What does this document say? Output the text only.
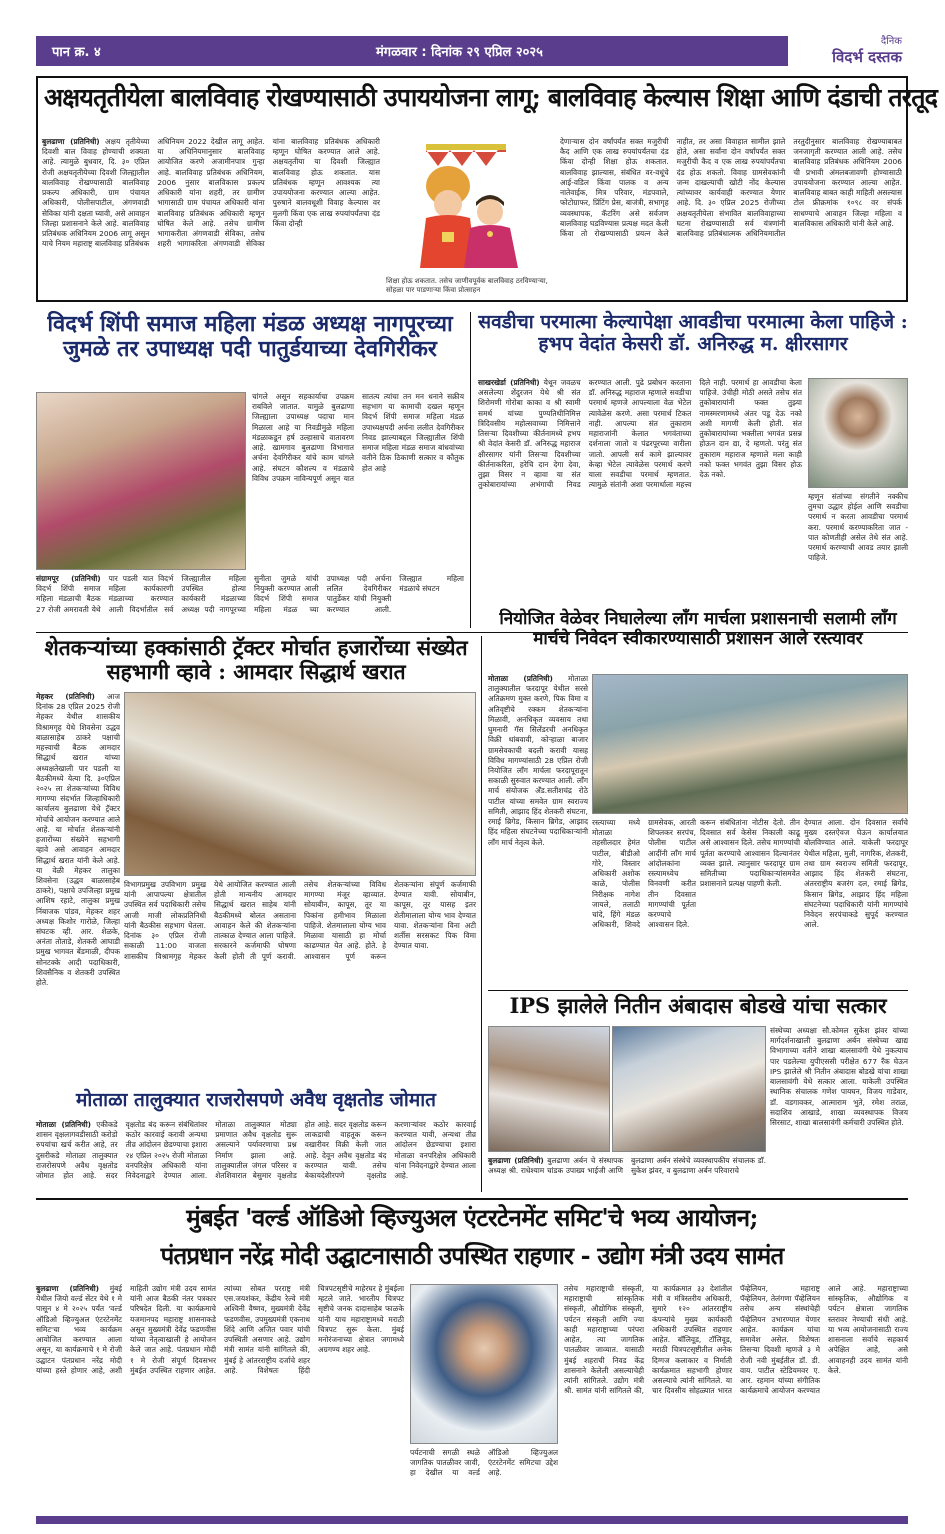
पान क्र. ४	मंगळवार : दिनांक २९ एप्रिल २०२५
दैनिक
विदर्भ दस्तक
अक्षयतृतीयेला बालविवाह रोखण्यासाठी उपाययोजना लागू; बालविवाह केल्यास शिक्षा आणि दंडाची तरतूद
बुलढाणा (प्रतिनिधी) अक्षय तृतीयेच्या दिवशी बाल विवाह होण्याची शक्यता आहे. त्यामुळे बुधवार, दि. ३० एप्रिल रोजी अक्षयतृतीयेच्या दिवशी जिल्ह्यातील बालविवाह रोखण्यासाठी बालविवाह प्रकल्प अधिकारी, ग्राम पंचायत अधिकारी, पोलीसपाटील, अंगणवाडी सेविका यांनी दक्षता घ्यावी, असे आवाहन जिल्हा प्रशासनाने केले आहे. बालविवाह प्रतिबंधक अधिनियम 2006 लागू असून याचे नियम महाराष्ट्र बालविवाह प्रतिबंधक अधिनियम 2022 देखील लागू आहेत. या अधिनियमानुसार बालविवाह आयोजित करणे अजामीनपात्र गुन्हा आहे. बालविवाह प्रतिबंधक अधिनियम, 2006 नुसार बालविकास प्रकल्प अधिकारी यांना शहरी, तर ग्रामीण भागासाठी ग्राम पंचायत अधिकारी यांना बालविवाह प्रतिबंधक अधिकारी म्हणून घोषित केले आहे. तसेच ग्रामीण भागाकरीता अंगणवाडी सेविका, तसेच शहरी भागाकरिता अंगणवाडी सेविका यांना बालविवाह प्रतिबंधक अधिकारी म्हणून घोषित करण्यात आले आहे. अक्षयतृतीया या दिवशी जिल्ह्यात बालविवाह होऊ शकतात. यास प्रतिबंधक म्हणून आवश्यक त्या उपाययोजना करण्यात आल्या आहेत. पुरुषाने बालवधूशी विवाह केल्यास वर मुलगी किंवा एक लाख रुपयांपर्यंतचा दंड किंवा दोन्ही
शिक्षा होऊ शकतात. तसेच जाणीवपूर्वक बालविवाह ठरविण्याऱ्या, सोहळा पार पाडणाऱ्या किंवा प्रोत्साहन
देणाऱ्यास दोन वर्षांपर्यंत सक्त मजुरीची कैद आणि एक लाख रुपयांपर्यंतचा दंड किंवा दोन्ही शिक्षा होऊ शकतात. बालविवाह झाल्यास, संबंधित वर-वधूंचे आई-वडिल किंवा पालक व अन्य नातेवाईक, मित्र परिवार, मंडपवाले, फोटोग्राफर, प्रिंटिंग प्रेस, बाजंत्री, सभागृह व्यवस्थापक, कॅटरिंग असे सर्वजण बालविवाह घडविण्यास प्रत्यक्ष मदत केली किंवा तो रोखण्यासाठी प्रयत्न केले नाहीत, तर असा विवाहात सामील झाले होते, असा सर्वांना दोन वर्षांपर्यंत सक्त मजुरीची कैद व एक लाख रुपयांपर्यंतचा दंड होऊ शकतो. विवाह ग्रामसेवकांनी जन्म दाखल्याची खोटी नोंद केल्यास त्यांच्यावर कार्यवाही करण्यात येणार आहे. दि. ३० एप्रिल 2025 रोजीच्या अक्षयतृतीयेला संभावित बालविवाहाच्या घटना रोखण्यासाठी सर्व यंत्रणांनी बालविवाह प्रतिबंधात्मक अधिनियमातील तरतुदीनुसार बालविवाह रोखण्याबाबत जनजागृती करण्यात आली आहे. तसेच बालविवाह प्रतिबंधक अधिनियम 2006 ची प्रभावी अंमलबजावणी होण्यासाठी उपाययोजना करण्यात आल्या आहेत. बालविवाह बाबत काही माहिती असल्यास टोल फ्रीक्रमांक १०९८ वर संपर्क साधण्याचे आवाहन जिल्हा महिला व बालविकास अधिकारी यांनी केले आहे.
विदर्भ शिंपी समाज महिला मंडळ अध्यक्ष नागपूरच्या जुमळे तर उपाध्यक्ष पदी पातुर्डयाच्या देवगिरीकर
चांगले असून सहकार्याचा उपक्रम राबविले जातात. यामुळे बुलढाणा जिल्ह्याला उपाध्यक्ष पदाचा मान मिळाला आहे या निवडीमुळे महिला मंडळाकडून हर्ष उल्हासाचे वातावरण आहे. खामगाव बुलढाणा विभागात अर्चना देवगिरीकर यांचे काम चांगले आहे. संघटन कौशल्य व मंडळाचे विविध उपक्रम नाविन्यपूर्ण असून यात सातत्य त्यांचा तन मन धनाने सक्रीय सहभाग या कामाची दखल म्हणून विदर्भ शिंपी समाज महिला मंडळ उपाध्यक्षपदी अर्चना ललीत देवगिरीकर निवड झाल्याबद्दल जिल्ह्यातील शिंपी समाज महिला मंडळ समाज बांधवांच्या वतीने ठिक ठिकाणी सत्कार व कौतुक होत आहे
संग्रामपूर (प्रतिनिधी) विदर्भ शिंपी समाज महिला मंडळाची बैठक 27 रोजी अमरावती येथे पार पडली यात विदर्भ महिला कार्यकारणी मंडळाच्या करण्यात आली विदर्भातील सर्व जिल्ह्यातील महिला उपस्थित होत्या कार्यकारी मंडळाच्या अध्यक्ष पदी नागपूरच्या सुनीता जुमळे यांची नियुक्ती करण्यात आली विदर्भ शिंपी समाज महिला मंडळ च्या उपाध्यक्ष पदी अर्चना ललित देवगिरीकर पातुर्डेकर यांची नियुक्ती करण्यात आली. जिल्ह्यात महिला मंडळाचे संघटन
सवडीचा परमात्मा केल्यापेक्षा आवडीचा परमात्मा केला पाहिजे : हभप वेदांत केसरी डॉ. अनिरुद्ध म. क्षीरसागर
साखरखेर्डा (प्रतिनिधी) येथून जवळच असलेल्या शेंदुरजन येथे श्री संत शिरोमणी गोरोबा काका व श्री स्वामी समर्थ यांच्या पुण्यतिथीनिमित्त त्रिदिवसीय महोत्सवाच्या निमित्ताने तिसऱ्या दिवशीच्या कीर्तनामध्ये हभप श्री वेदांत केसरी डॉ. अनिरुद्ध महाराज क्षीरसागर यांनी तिसऱ्या दिवशीच्या कीर्तनाकरिता, हरेचि दान देगा देवा, तुझा विसर न व्हावा या संत तुकोबारायांच्या अभंगाची निवड करण्यात आली. पुढे प्रबोधन करताना डॉ. अनिरुद्ध महाराज म्हणाले सवडीचा परमार्थ म्हणजे आपल्याला वेळ भेटेल त्यावेळेस करणे. असा परमार्थ टिकत नाही. आपल्या संत तुकाराम महाराजांनी केलात भगवंताच्या दर्शनाला जातो व पंढरपूरच्या वारीला जातो. आपली सर्व कामे झाल्यावर केव्हा भेटेल त्यावेळेस परमार्थ करणे याला सवडीचा परमार्थ म्हणतात. त्यामुळे संतांनी अशा परमार्थाला महत्त्व दिले नाही. परमार्थ हा आवडीचा केला पाहिजे. उंचीही मोठी असते तसेच संत तुकोबारायांनी फक्त तुझ्या नामस्मरणामध्ये अंतर पडू देऊ नको अशी मागणी केली होती. संत तुकोबारायांच्या भक्तीला भगवंत प्रसन्न होऊन दान द्या, दे म्हणतो. परंतु संत तुकाराम महाराज म्हणाले मला काही नको फक्त भगवंत तुझा विसर होऊ देऊ नको.
म्हणून संतांच्या संगतीने नक्कीच तुमचा उद्धार होईल आणि सवडीचा परमार्थ न करता आवडीचा परमार्थ करा. परमार्थ करण्याकरिता जात - पात कोणतीही असेल तेथे संत आहे. परमार्थ करण्याची आवड तयार झाली पाहिजे.
शेतकऱ्यांच्या हक्कांसाठी ट्रॅक्टर मोर्चात हजारोंच्या संख्येत सहभागी व्हावे : आमदार सिद्धार्थ खरात
मेहकर (प्रतिनिधी) आज दिनांक 28 एप्रिल 2025 रोजी मेहकर येथील शासकीय विश्रामगृह येथे शिवसेना उद्धव बाळासाहेब ठाकरे पक्षाची महत्त्वाची बैठक आमदार सिद्धार्थ खरात यांच्या अध्यक्षतेखाली पार पडली या बैठकीमध्ये येत्या दि. ३०एप्रिल २०२५ ला शेतकऱ्यांच्या विविध मागण्या संदर्भात जिल्हाधिकारी कार्यालय बुलढाणा येथे ट्रॅक्टर मोर्चाचे आयोजन करण्यात आले आहे. या मोर्चात शेतकऱ्यांनी हजारोंच्या संख्येने सहभागी व्हावे असे आवाहन आमदार सिद्धार्थ खरात यांनी केले आहे. या वेळी मेहकर तालुका शिवसेना (उद्धव बाळासाहेब ठाकरे), पक्षाचे उपजिल्हा प्रमुख आशिष रहाटे, तालुका प्रमुख निंबाजक पांडव, मेहकर शहर अध्यक्ष किशोर गारोळे, जिल्हा संघटक व्ही. आर. शेळके, अनंता तोताडे, शेतकरी आघाडी प्रमुख भागवत बेंडमाळी, दीपक सोनटक्के आदी पदाधिकारी, शिवसैनिक व शेतकरी उपस्थित होते.
विभागप्रमुख उपविभाग प्रमुख यांनी आपापल्या क्षेत्रातील उपस्थित सर्व पदाधिकारी तसेच आजी माजी लोकप्रतिनिधी यांनी बैठकीस सहभाग घेतला. दिनांक ३० एप्रिल रोजी सकाळी 11:00 वाजता शासकीय विश्रामगृह मेहकर येथे आयोजित करण्यात आली होती मान्यनीय आमदार सिद्धार्थ खरात साहेब यांनी बैठकीमध्ये बोलत असताना आवाहन केले की शेतकऱ्यांना तात्काळ देण्यात आला पाहिजे. सरकारने कर्जमाफी घोषणा केली होती ती पूर्ण करावी. तसेच शेतकऱ्यांच्या विविध मागण्या मंजूर व्हाव्यात. सोयाबीन, कापूस, तूर या पिकांना हमीभाव मिळाला पाहिजे. शेतमालाला योग्य भाव मिळावा यासाठी हा मोर्चा काढण्यात येत आहे. होते. हे आश्वासन पूर्ण करून शेतकऱ्यांना संपूर्ण कर्जमाफी देण्यात यावी. सोयाबीन, कापूस, तूर यासह इतर शेतीमालाला योग्य भाव देण्यात यावा. शेतकऱ्यांना विना अटी शर्तीस सरसकट पिक विमा देण्यात यावा.
नियोजित वेळेवर निघालेल्या लॉंग मार्चला प्रशासनाची सलामी लॉंग मार्चचे निवेदन स्वीकारण्यासाठी प्रशासन आले रस्त्यावर
मोताळा (प्रतिनिधी) मोताळा तालुक्यातील फरदापूर येथील सरसे अतिक्रमण मुक्त करणे, पिक विमा व अतिवृष्टीचे रक्कम शेतकऱ्यांना मिळावी, अनधिकृत व्यवसाय तथा घुमनारी गॅस सिलेंडरची अनधिकृत विक्री थांबवावी, कोऱ्हाळा बाजार ग्रामसेवकाची बदली करावी यासह विविध मागण्यांसाठी 28 एप्रिल रोजी नियोजित लॉंग मार्चला फरदापूरातून सकाळी सुरुवात करण्यात आली. लॉंग मार्च संयोजक अँड.सतीशचंद्र रोठे पाटील यांच्या समवेत ग्राम स्वराज्य समिती, आझाद हिंद शेतकरी संघटना, रमाई ब्रिगेड, किसान ब्रिगेड, आझाद हिंद महिला संघटनेच्या पदाधिकाऱ्यांनी लॉंग मार्च नेतृत्व केले.
रस्त्याच्या मध्ये मोताळा तहसीलदार हेमंत पाटील, बीडीओ गोरे, विस्तार अधिकारी अशोक काळे, पोलीस निरीक्षक नागेश जायले, तलाठी चांदे, हिंगे मंडळ अधिकारी, शिवदे ग्रामसेवक, आरती शिपलकर सरपंच, पोलीस पाटील आदींनी लॉंग मार्च आंदोलकांना रस्त्यामध्येच विनवणी करीत तीन दिवसात मागण्यांची पूर्तता करण्याचे आश्वासन दिले.
करून संबंधितांना नोटीस देतो. तीन दिवसात सर्व केसेस निकाली काढू असे आश्वासन दिले. तसेच मागण्यांची पूर्तता करण्याचे आश्वासन दिल्यानंतर व्यक्त झाले. त्यानुसार फरदापूर ग्राम समितीच्या पदाधिकाऱ्यांसमवेत प्रशासनाने प्रत्यक्ष पाहणी केली.
देण्यात आला. दोन दिवसात सर्वांचे मुख्य दस्तऐवज घेऊन कार्यालयात बोलविण्यात आले. याकेली फरदापूर येथील महिला, मुली, नागरिक, शेतकरी, तथा ग्राम स्वराज्य समिती फरदापूर, आझाद हिंद शेतकरी संघटना, अंतरराष्ट्रीय बजरंग दल, रमाई ब्रिगेड, किसान ब्रिगेड, आझाद हिंद महिला संघटनेच्या पदाधिकारी यांनी मागण्यांचे निवेदन सरपंचाकडे सुपूर्द करण्यात आले.
IPS झालेले नितीन अंबादास बोडखे यांचा सत्कार
संस्थेच्या अध्यक्षा सौ.कोमल सुकेश झंवर यांच्या मार्गदर्शनाखाली बुलढाणा अर्बन संस्थेच्या खाद्य विभागाच्या वतीने शाखा बालसावंगी येथे नुकत्याच पार पडलेल्या युपीएससी परीक्षेत 677 रँक घेऊन IPS झालेले श्री नितीन अंबादास बोडखे यांचा शाखा बालसावंगी येथे सत्कार आला. याकेली उपस्थित स्थानिक संचालक गणेश पायघन, विजय गाडेवार, डॉ. वडगावकर, आत्माराम भुते, रमेश तराळ, सदाशिव आखाडे, शाखा व्यवस्थापक विजय सिरसाट, शाखा बालसावंगी कर्मचारी उपस्थित होते.
बुलढाणा (प्रतिनिधी) बुलढाणा अर्बन चे संस्थापक अध्यक्ष श्री. राधेश्याम चांडक उपाख्य भाईजी आणि बुलढाणा अर्बन संस्थेचे व्यवस्थापकीय संचालक डॉ. सुकेश झंवर, व बुलढाणा अर्बन परिवाराचे
मोताळा तालुक्यात राजरोसपणे अवैध वृक्षतोड जोमात
मोताळा (प्रतिनिधी) एकीकडे शासन वृक्षलागवडीसाठी करोडो रुपयांचा खर्च करीत आहे, तर दुसरीकडे मोताळा तालुक्यात राजरोसपणे अवैध वृक्षतोड जोमात होत आहे. सदर वृक्षतोड बंद करून संबंधितांवर कठोर कारवाई करावी अन्यथा तीव्र आंदोलन छेडण्याचा इशारा २४ एप्रिल २०२५ रोजी मोताळा वनपरिक्षेत्र अधिकारी यांना निवेदनाद्वारे देण्यात आला. मोताळा तालुक्यात मोठ्या प्रमाणात अवैध वृक्षतोड सुरू असल्याने पर्यावरणाचा प्रश्न निर्माण झाला आहे. तालुक्यातील जंगल परिसर व शेतशिवारात बेसुमार वृक्षतोड होत आहे. सदर वृक्षतोड करून लाकडाची वाहतूक करून वखारीवर विक्री केली जात आहे. देवून अवैध वृक्षतोड बंद करण्यात यावी. तसेच बेकायदेशीरपणे वृक्षतोड करणाऱ्यांवर कठोर कारवाई करण्यात यावी, अन्यथा तीव्र आंदोलन छेडण्याचा इशारा मोताळा वनपरिक्षेत्र अधिकारी यांना निवेदनाद्वारे देण्यात आला आहे.
मुंबईत 'वर्ल्ड ऑडिओ व्हिज्युअल एंटरटेनमेंट समिट'चे भव्य आयोजन;
पंतप्रधान नरेंद्र मोदी उद्घाटनासाठी उपस्थित राहणार - उद्योग मंत्री उदय सामंत
बुलढाणा (प्रतिनिधी) मुंबई येथील जियो वर्ल्ड सेंटर येथे १ मे पासून ४ मे २०२५ पर्यंत 'वर्ल्ड ऑडिओ व्हिज्युअल एंटरटेनमेंट समिट'चा भव्य कार्यक्रम आयोजित करण्यात आला असून, या कार्यक्रमाचे १ मे रोजी उद्घाटन पंतप्रधान नरेंद्र मोदी यांच्या हस्ते होणार आहे, अशी माहिती उद्योग मंत्री उदय सामंत यांनी आज बैठकी नंतर पत्रकार परिषदेत दिली. या कार्यक्रमाचे यजमानपद महाराष्ट्र शासनाकडे असून मुख्यमंत्री देवेंद्र फडणवीस यांच्या नेतृत्वाखाली हे आयोजन केले जात आहे. पंतप्रधान मोदी १ मे रोजी संपूर्ण दिवसभर मुंबईत उपस्थित राहणार आहेत. त्यांच्या सोबत परराष्ट्र मंत्री एस.जयशंकर, केंद्रीय रेल्वे मंत्री अश्विनी वैष्णव, मुख्यमंत्री देवेंद्र फडणवीस, उपमुख्यमंत्री एकनाथ शिंदे आणि अजित पवार यांची उपस्थिती असणार आहे. उद्योग मंत्री सामंत यांनी सांगितले की, मुंबई हे आंतरराष्ट्रीय दर्जाचे शहर आहे. विशेषतः हिंदी चित्रपटसृष्टीचे माहेरघर हे मुंबईला म्हटले जाते. भारतीय चित्रपट सृष्टीचे जनक दादासाहेब फाळके यांनी याच महाराष्ट्रामध्ये मराठी चित्रपट सुरू केला. मुंबई मनोरंजनाच्या क्षेत्रात जगामध्ये अग्रगण्य शहर आहे.
पर्यटनाची सगळी स्थळे जागतिक पातळीवर जावी, हा देखील या वर्ल्ड ऑडिओ व्हिज्युअल एंटरटेनमेंट समिटचा उद्देश आहे.
तसेच महाराष्ट्राची संस्कृती, महाराष्ट्राची सांस्कृतिक संस्कृती, औद्योगिक संस्कृती, पर्यटन संस्कृती आणि ज्या काही महाराष्ट्राच्या परंपरा आहेत, त्या जागतिक पातळीवर जाव्यात. यासाठी मुंबई शहराची निवड केंद्र शासनाने केलेली असल्याचेही त्यांनी सांगितले. उद्योग मंत्री श्री. सामंत यांनी सांगितले की, या कार्यक्रमात ३३ देशांतील मंत्री व मंत्रिस्तरीय अधिकारी, सुमारे १२० आंतरराष्ट्रीय कंपन्यांचे मुख्य कार्यकारी अधिकारी उपस्थित राहणार आहेत. बॉलिवूड, टॉलिवूड, मराठी चित्रपटसृष्टीतील अनेक दिग्गज कलाकार व निर्माती कार्यक्रमात सहभागी होणार असल्याचे त्यांनी सांगितले. या चार दिवसीय सोहळ्यात भारत पॅव्हेलियन, महाराष्ट्र पॅव्हेलियन, तेलंगणा पॅव्हेलियन तसेच अन्य संस्थांचेही पॅव्हेलियन उभारण्यात येणार आहेत. कार्यक्रम यांचा समावेश असेल. विशेषतः तिसऱ्या दिवशी म्हणजे ३ मे रोजी नवी मुंबईतील डॉ. डी. वाय. पाटील स्टेडियमवर ए. आर. रहमान यांच्या संगीतिक कार्यक्रमाचे आयोजन करण्यात आले आहे. महाराष्ट्राच्या सांस्कृतिक, औद्योगिक व पर्यटन क्षेत्राला जागतिक स्तरावर नेण्याची संधी आहे. या भव्य आयोजनासाठी राज्य शासनाला सर्वांचे सहकार्य अपेक्षित आहे, असे आवाहनही उदय सामंत यांनी केले.
